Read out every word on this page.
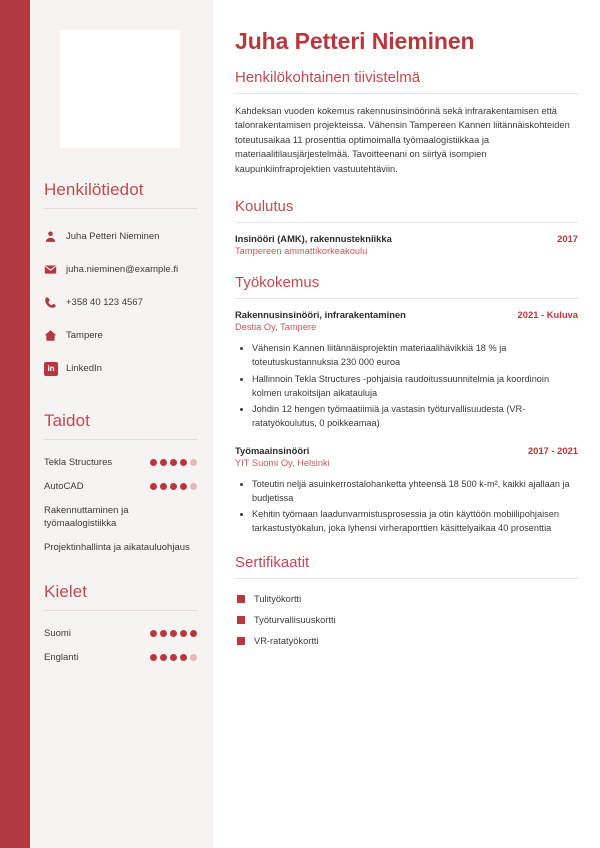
Henkilötiedot
Juha Petteri Nieminen
juha.nieminen@example.fi
+358 40 123 4567
Tampere
in	LinkedIn
Taidot
Tekla Structures
AutoCAD
Rakennuttaminen ja työmaalogistiikka
Projektinhallinta ja aikatauluohjaus
Kielet
Suomi
Englanti
Juha Petteri Nieminen
Henkilökohtainen tiivistelmä

Kahdeksan vuoden kokemus rakennusinsinöörinä sekä infrarakentamisen että talonrakentamisen projekteissa. Vähensin Tampereen Kannen liitännäiskohteiden toteutusaikaa 11 prosenttia optimoimalla työmaalogistiikkaa ja materiaalitilausjärjestelmää. Tavoitteenani on siirtyä isompien kaupunkiinfraprojektien vastuutehtäviin.

Koulutus
Insinööri (AMK), rakennustekniikka	2017
Tampereen ammattikorkeakoulu
Työkokemus
Rakennusinsinööri, infrarakentaminen	2021 - Kuluva
Destia Oy, Tampere
• Vähensin Kannen liitännäisprojektin materiaalihävikkiä 18 % ja toteutuskustannuksia 230 000 euroa
• Hallinnoin Tekla Structures -pohjaisia raudoitussuunnitelmia ja koordinoin kolmen urakoitsijan aikatauluja
• Johdin 12 hengen työmaatiimiä ja vastasin työturvallisuudesta (VR-ratatyökoulutus, 0 poikkeamaa)
Työmaainsinööri	2017 - 2021
YIT Suomi Oy, Helsinki
• Toteutin neljä asuinkerrostalohanketta yhteensä 18 500 k-m², kaikki ajallaan ja budjetissa
• Kehitin työmaan laadunvarmistusprosessia ja otin käyttöön mobiilipohjaisen tarkastustyökalun, joka lyhensi virheraporttien käsittelyaikaa 40 prosenttia
Sertifikaatit
Tulityökortti
Työturvallisuuskortti
VR-ratatyökortti
